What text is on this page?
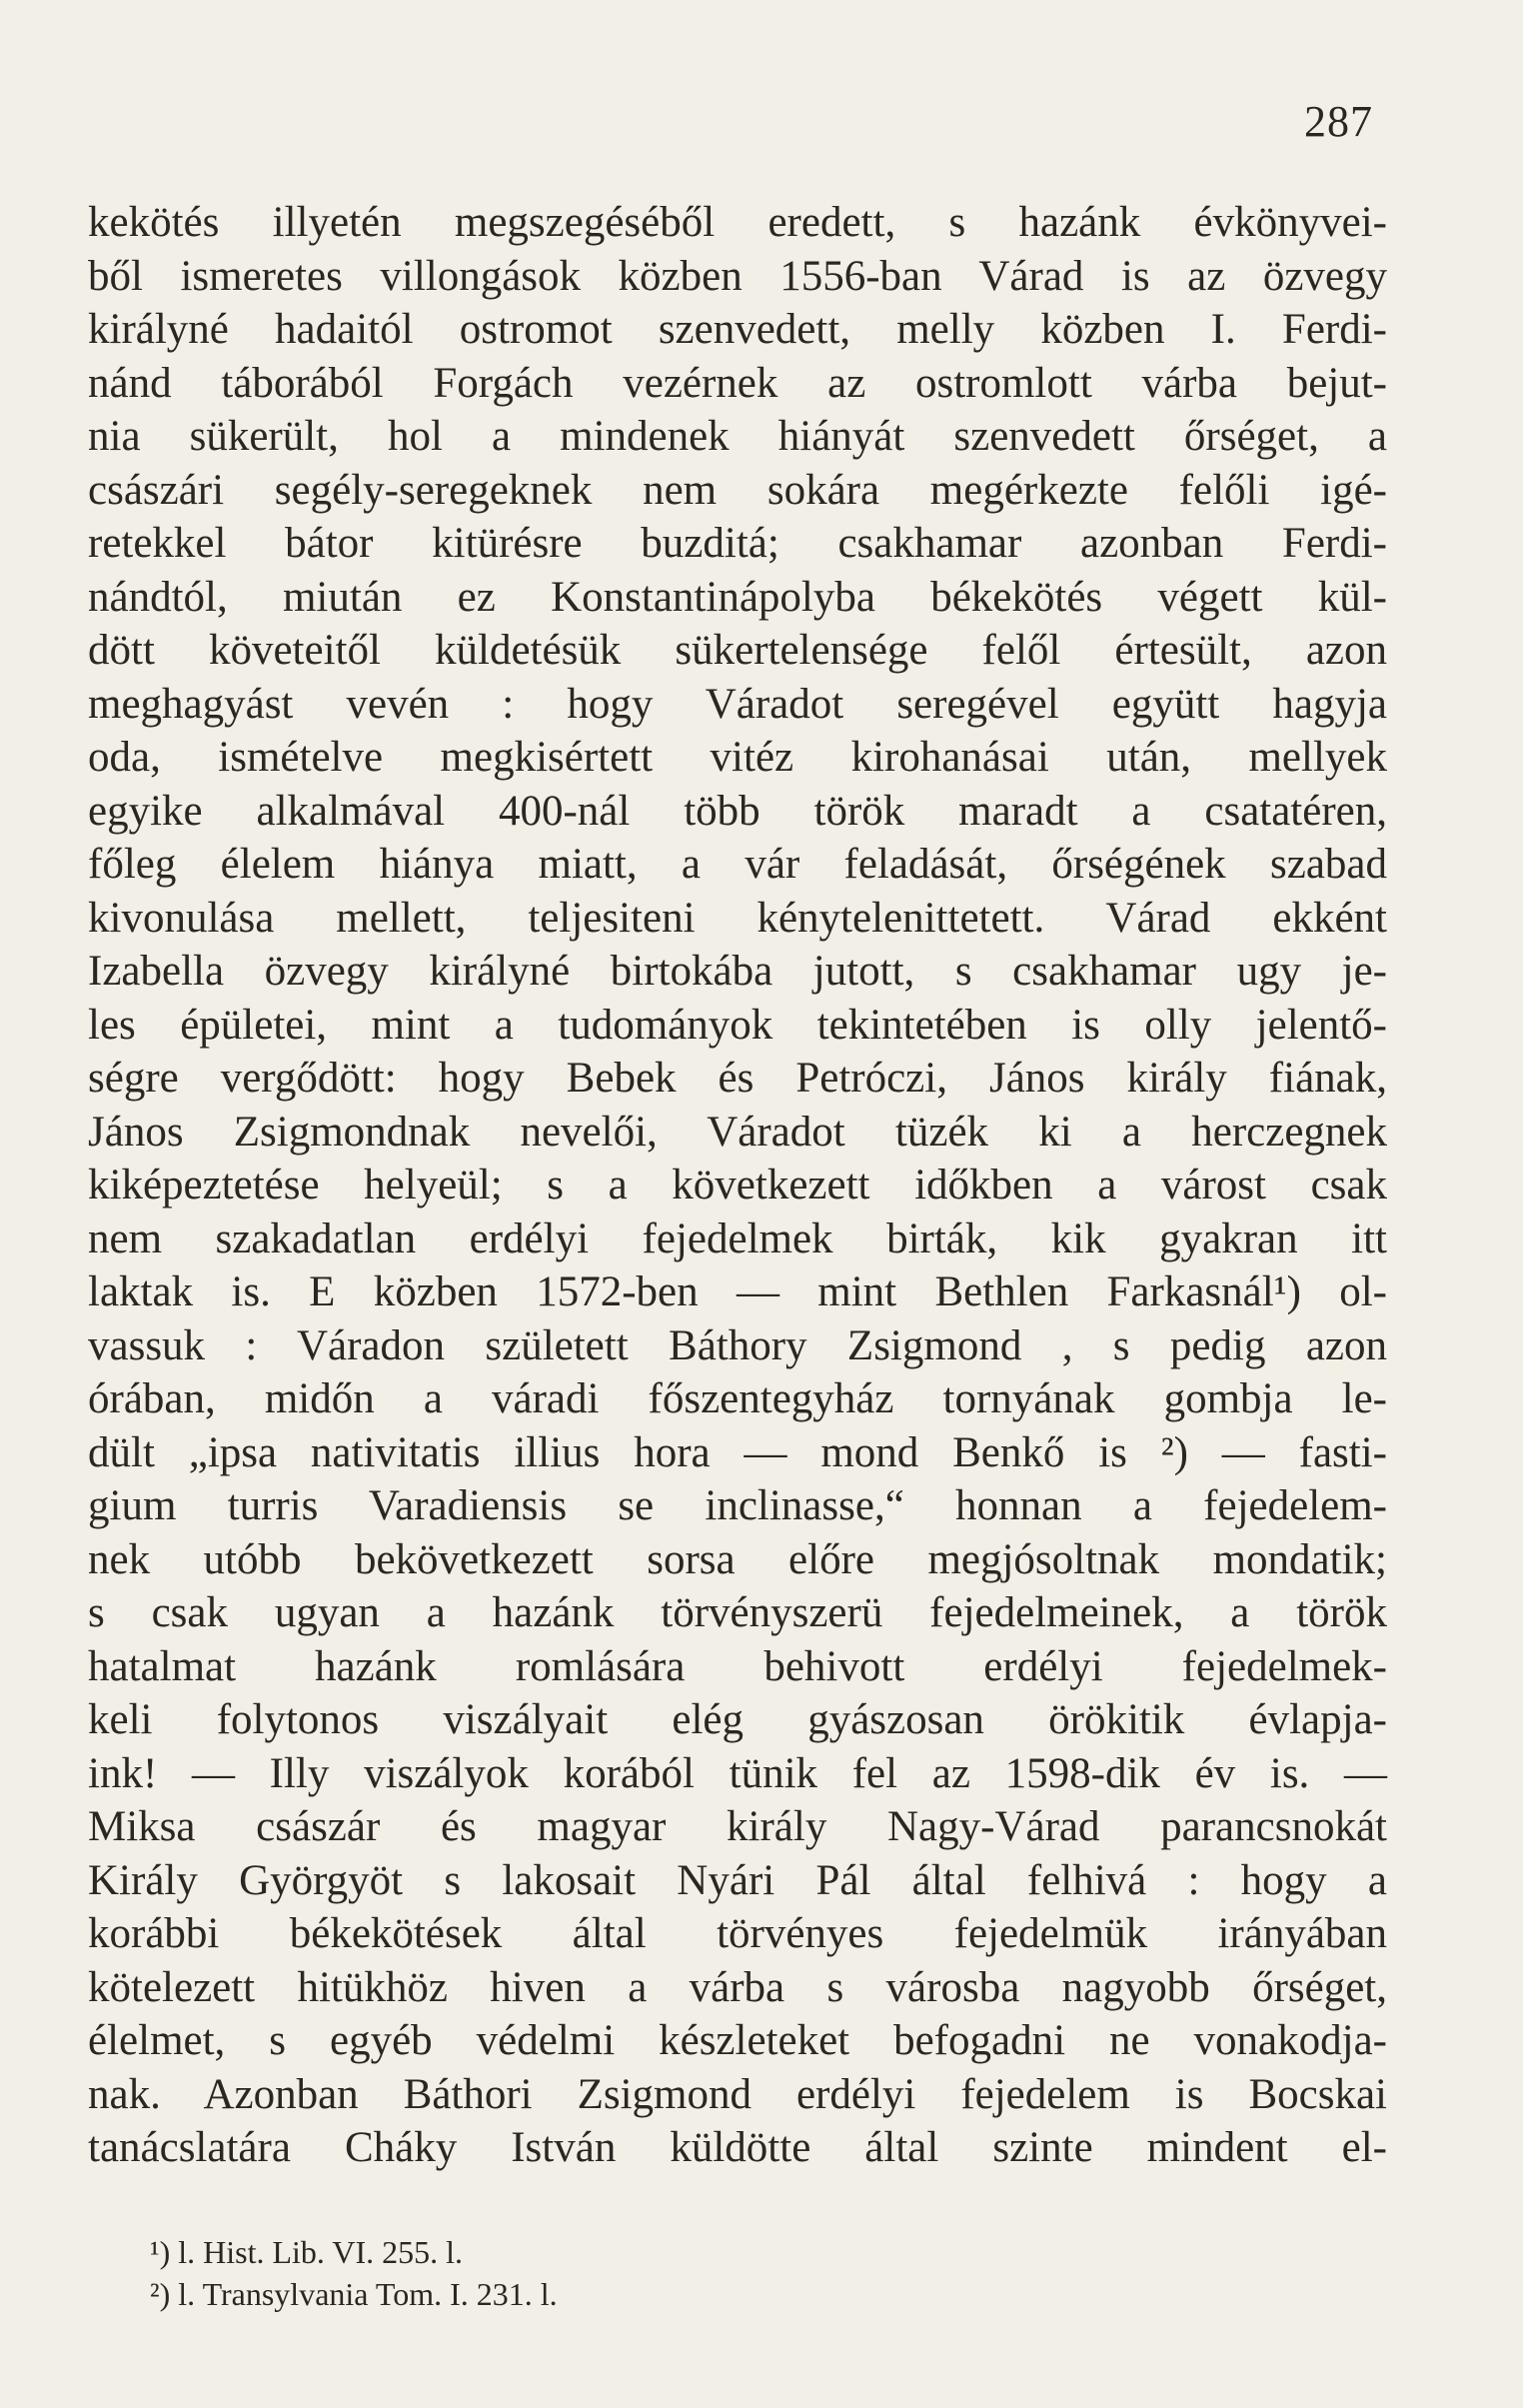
287
kekötés illyetén megszegéséből eredett, s hazánk évkönyvei-
ből ismeretes villongások közben 1556-ban Várad is az özvegy
királyné hadaitól ostromot szenvedett, melly közben I. Ferdi-
nánd táborából Forgách vezérnek az ostromlott várba bejut-
nia sükerült, hol a mindenek hiányát szenvedett őrséget, a
császári segély-seregeknek nem sokára megérkezte felőli igé-
retekkel bátor kitürésre buzditá; csakhamar azonban Ferdi-
nándtól, miután ez Konstantinápolyba békekötés végett kül-
dött követeitől küldetésük sükertelensége felől értesült, azon
meghagyást vevén : hogy Váradot seregével együtt hagyja
oda, ismételve megkisértett vitéz kirohanásai után, mellyek
egyike alkalmával 400-nál több török maradt a csatatéren,
főleg élelem hiánya miatt, a vár feladását, őrségének szabad
kivonulása mellett, teljesiteni kénytelenittetett. Várad ekként
Izabella özvegy királyné birtokába jutott, s csakhamar ugy je-
les épületei, mint a tudományok tekintetében is olly jelentő-
ségre vergődött: hogy Bebek és Petróczi, János király fiának,
János Zsigmondnak nevelői, Váradot tüzék ki a herczegnek
kiképeztetése helyeül; s a következett időkben a várost csak
nem szakadatlan erdélyi fejedelmek birták, kik gyakran itt
laktak is. E közben 1572-ben — mint Bethlen Farkasnál¹) ol-
vassuk : Váradon született Báthory Zsigmond , s pedig azon
órában, midőn a váradi főszentegyház tornyának gombja le-
dült „ipsa nativitatis illius hora — mond Benkő is ²) — fasti-
gium turris Varadiensis se inclinasse,“ honnan a fejedelem-
nek utóbb bekövetkezett sorsa előre megjósoltnak mondatik;
s csak ugyan a hazánk törvényszerü fejedelmeinek, a török
hatalmat hazánk romlására behivott erdélyi fejedelmek-
keli folytonos viszályait elég gyászosan örökitik évlapja-
ink! — Illy viszályok korából tünik fel az 1598-dik év is. —
Miksa császár és magyar király Nagy-Várad parancsnokát
Király Györgyöt s lakosait Nyári Pál által felhivá : hogy a
korábbi békekötések által törvényes fejedelmük irányában
kötelezett hitükhöz hiven a várba s városba nagyobb őrséget,
élelmet, s egyéb védelmi készleteket befogadni ne vonakodja-
nak. Azonban Báthori Zsigmond erdélyi fejedelem is Bocskai
tanácslatára Cháky István küldötte által szinte mindent el-
¹) l. Hist. Lib. VI. 255. l.
²) l. Transylvania Tom. I. 231. l.
